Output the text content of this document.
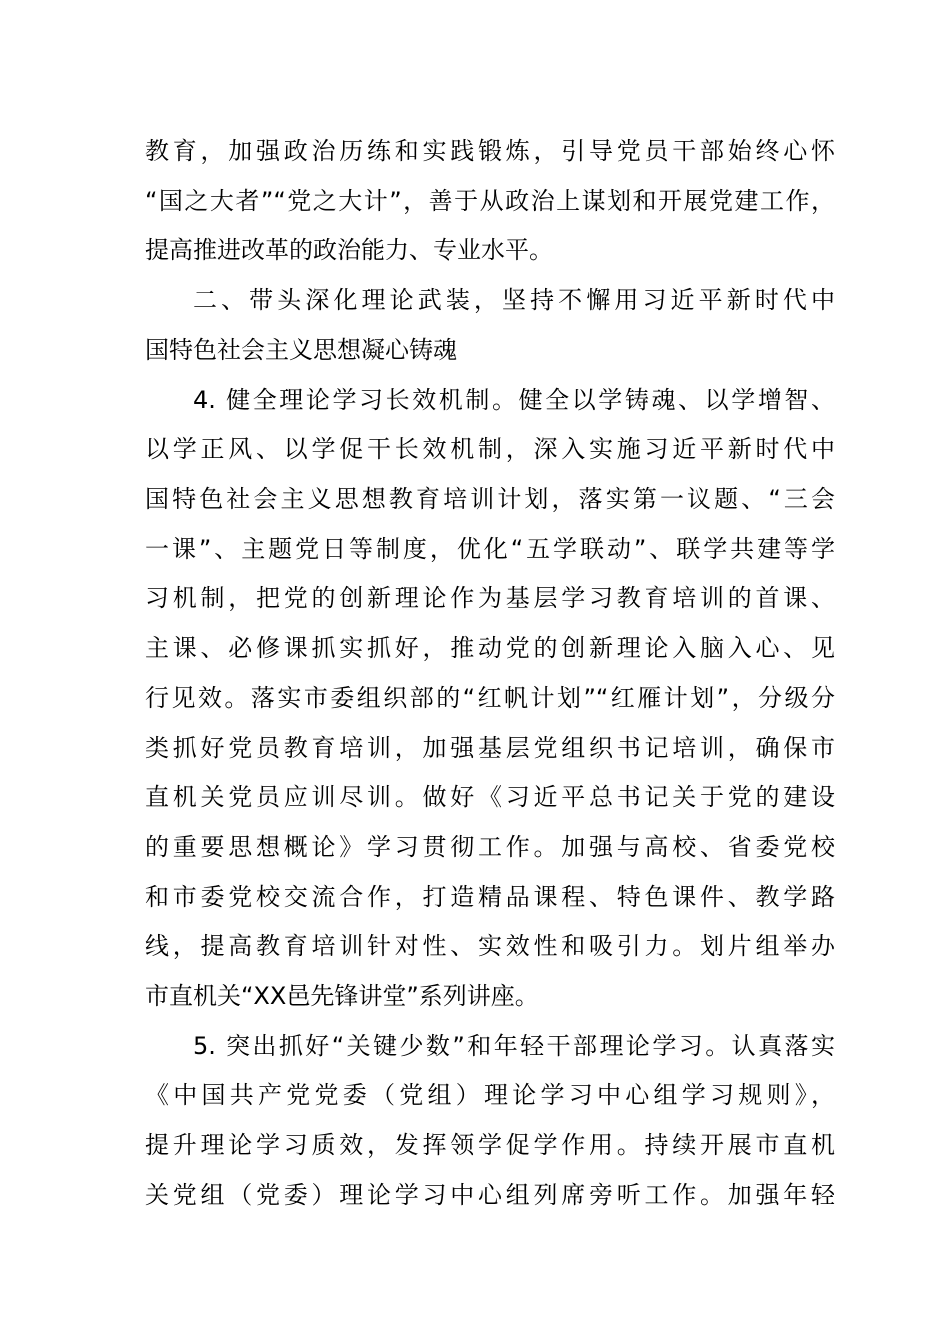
教育，加强政治历练和实践锻炼，引导党员干部始终心怀
“国之大者”“党之大计”，善于从政治上谋划和开展党建工作，
提高推进改革的政治能力、专业水平。
二、带头深化理论武装，坚持不懈用习近平新时代中
国特色社会主义思想凝心铸魂
4. 健全理论学习长效机制。健全以学铸魂、以学增智、
以学正风、以学促干长效机制，深入实施习近平新时代中
国特色社会主义思想教育培训计划，落实第一议题、“三会
一课”、主题党日等制度，优化“五学联动”、联学共建等学
习机制，把党的创新理论作为基层学习教育培训的首课、
主课、必修课抓实抓好，推动党的创新理论入脑入心、见
行见效。落实市委组织部的“红帆计划”“红雁计划”，分级分
类抓好党员教育培训，加强基层党组织书记培训，确保市
直机关党员应训尽训。做好《习近平总书记关于党的建设
的重要思想概论》学习贯彻工作。加强与高校、省委党校
和市委党校交流合作，打造精品课程、特色课件、教学路
线，提高教育培训针对性、实效性和吸引力。划片组举办
市直机关“XX邑先锋讲堂”系列讲座。
5. 突出抓好“关键少数”和年轻干部理论学习。认真落实
《中国共产党党委（党组）理论学习中心组学习规则》，
提升理论学习质效，发挥领学促学作用。持续开展市直机
关党组（党委）理论学习中心组列席旁听工作。加强年轻
